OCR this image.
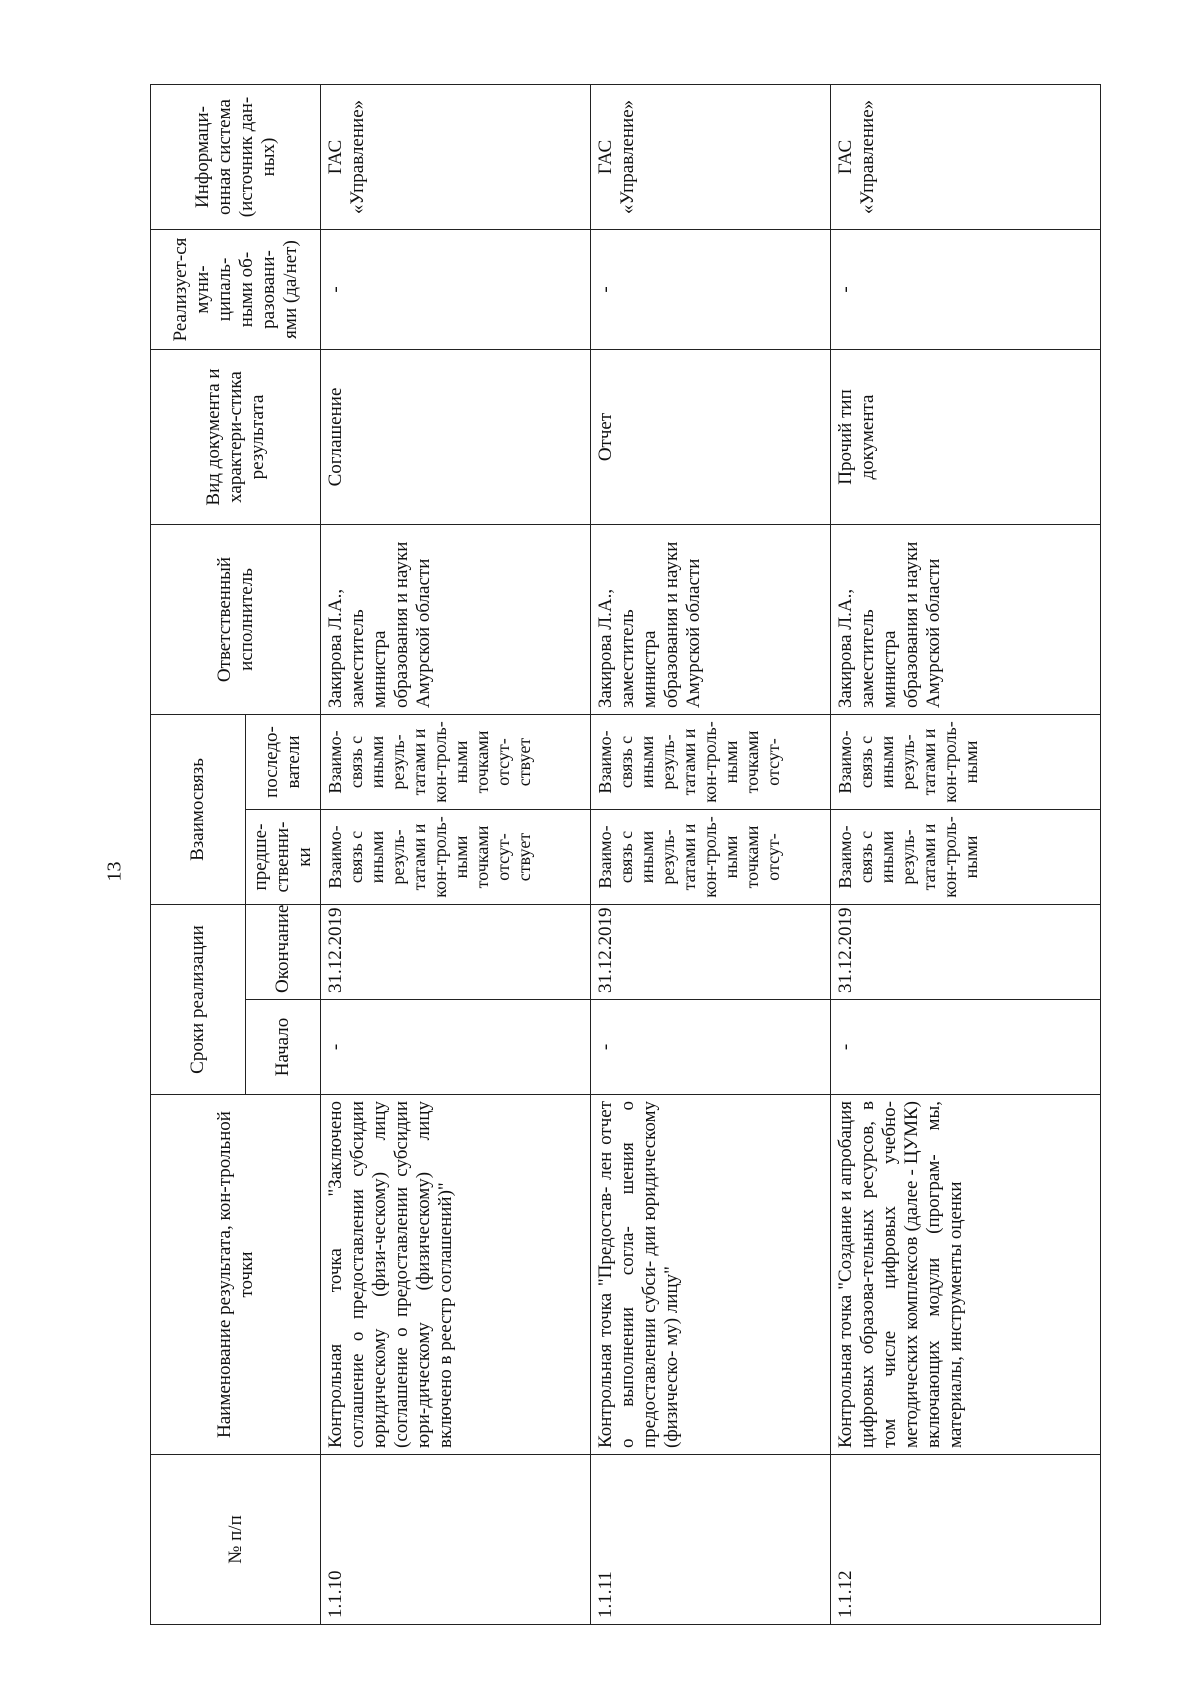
13
№ п/п	Наименование результата, кон-трольной точки	Сроки реализации		Взаимосвязь		Ответственный исполнитель	Вид документа и характери-стика результата	Реализует-ся муни-ципаль-ными об-разовани-ями (да/нет)	Информаци-онная система (источник дан-ных)
		Начало	Окончание	предше-ственни-ки	последо-ватели				
1.1.10	Контрольная точка "Заключено соглашение о предоставлении субсидии юридическому (физи-ческому) лицу (соглашение о предоставлении субсидии юри-дическому (физическому) лицу включено в реестр соглашений)"	-	31.12.2019	Взаимо-связь с иными резуль-татами и кон-троль-ными точками отсут-ствует	Взаимо-связь с иными резуль-татами и кон-троль-ными точками отсут-ствует	Закирова Л.А., заместитель министра образования и науки Амурской области	Соглашение	-	ГАС «Управление»
1.1.11	Контрольная точка "Предостав- лен отчет о выполнении согла- шения о предоставлении субси- дии юридическому (физическо- му) лицу"	-	31.12.2019	Взаимо-связь с иными резуль-татами и кон-троль-ными точками отсут-	Взаимо-связь с иными резуль-татами и кон-троль-ными точками отсут-	Закирова Л.А., заместитель министра образования и науки Амурской области	Отчет	-	ГАС «Управление»
1.1.12	Контрольная точка "Создание и апробация цифровых образова-тельных ресурсов, в том числе цифровых учебно-методических комплексов (далее - ЦУМК) включающих модули (програм- мы, материалы, инструменты оценки	-	31.12.2019	Взаимо-связь с иными резуль-татами и кон-троль-ными	Взаимо-связь с иными резуль-татами и кон-троль-ными	Закирова Л.А., заместитель министра образования и науки Амурской области	Прочий тип документа	-	ГАС «Управление»
